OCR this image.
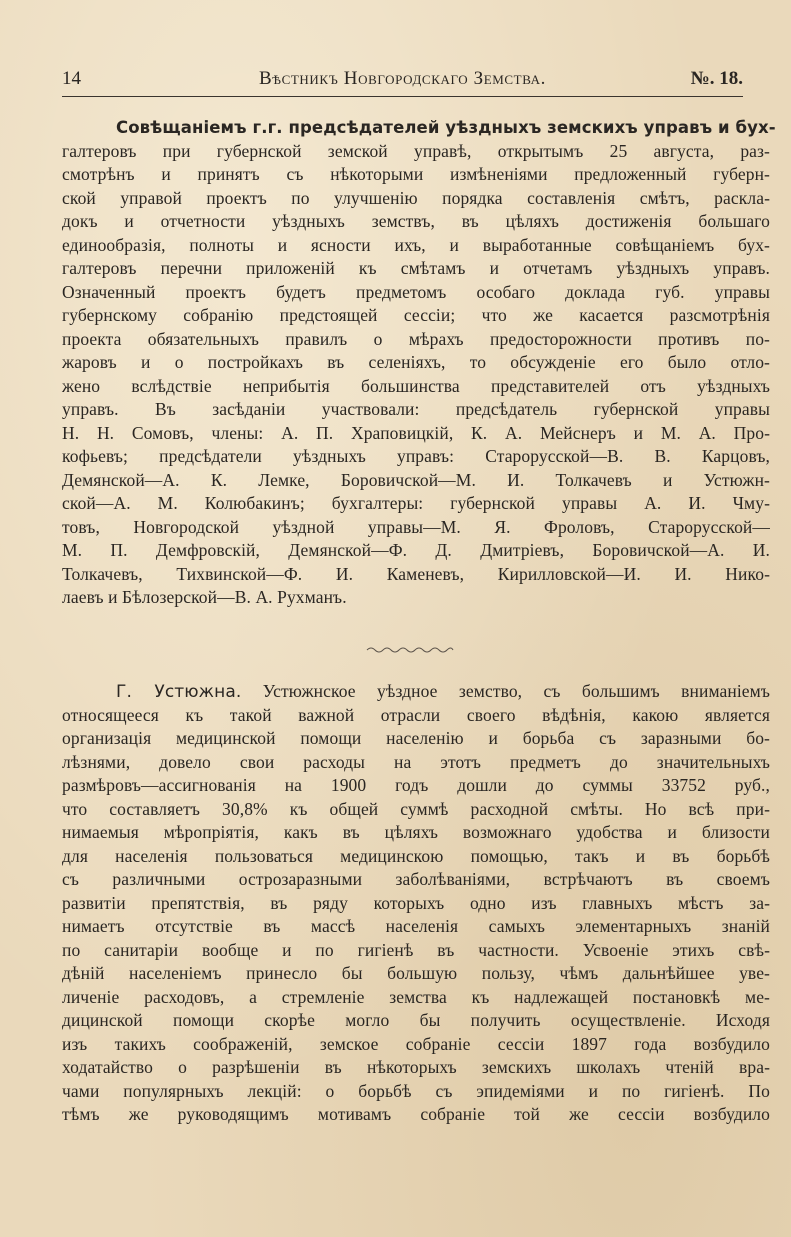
14	Вѣстникъ Новгородскаго Земства.	№. 18.
Совѣщаніемъ г.г. предсѣдателей уѣздныхъ земскихъ управъ и бух-
галтеровъ при губернской земской управѣ, открытымъ 25 августа, раз-
смотрѣнъ и принятъ съ нѣкоторыми измѣненіями предложенный губерн-
ской управой проектъ по улучшенію порядка составленія смѣтъ, раскла-
докъ и отчетности уѣздныхъ земствъ, въ цѣляхъ достиженія большаго
единообразія, полноты и ясности ихъ, и выработанные совѣщаніемъ бух-
галтеровъ перечни приложеній къ смѣтамъ и отчетамъ уѣздныхъ управъ.
Означенный проектъ будетъ предметомъ особаго доклада губ. управы
губернскому собранію предстоящей сессіи; что же касается разсмотрѣнія
проекта обязательныхъ правилъ о мѣрахъ предосторожности противъ по-
жаровъ и о постройкахъ въ селеніяхъ, то обсужденіе его было отло-
жено вслѣдствіе неприбытія большинства представителей отъ уѣздныхъ
управъ. Въ засѣданіи участвовали: предсѣдатель губернской управы
Н. Н. Сомовъ, члены: А. П. Храповицкій, К. А. Мейснеръ и М. А. Про-
кофьевъ; предсѣдатели уѣздныхъ управъ: Старорусской—В. В. Карцовъ,
Демянской—А. К. Лемке, Боровичской—М. И. Толкачевъ и Устюжн-
ской—А. М. Колюбакинъ; бухгалтеры: губернской управы А. И. Чму-
товъ, Новгородской уѣздной управы—М. Я. Фроловъ, Старорусской—
М. П. Демфровскій, Демянской—Ф. Д. Дмитріевъ, Боровичской—А. И.
Толкачевъ, Тихвинской—Ф. И. Каменевъ, Кирилловской—И. И. Нико-
лаевъ и Бѣлозерской—В. А. Рухманъ.
Г. Устюжна. Устюжнское уѣздное земство, съ большимъ вниманіемъ
относящееся къ такой важной отрасли своего вѣдѣнія, какою является
организація медицинской помощи населенію и борьба съ заразными бо-
лѣзнями, довело свои расходы на этотъ предметъ до значительныхъ
размѣровъ—ассигнованія на 1900 годъ дошли до суммы 33752 руб.,
что составляетъ 30,8% къ общей суммѣ расходной смѣты. Но всѣ при-
нимаемыя мѣропріятія, какъ въ цѣляхъ возможнаго удобства и близости
для населенія пользоваться медицинскою помощью, такъ и въ борьбѣ
съ различными острозаразными заболѣваніями, встрѣчаютъ въ своемъ
развитіи препятствія, въ ряду которыхъ одно изъ главныхъ мѣстъ за-
нимаетъ отсутствіе въ массѣ населенія самыхъ элементарныхъ знаній
по санитаріи вообще и по гигіенѣ въ частности. Усвоеніе этихъ свѣ-
дѣній населеніемъ принесло бы большую пользу, чѣмъ дальнѣйшее уве-
личеніе расходовъ, а стремленіе земства къ надлежащей постановкѣ ме-
дицинской помощи скорѣе могло бы получить осуществленіе. Исходя
изъ такихъ соображеній, земское собраніе сессіи 1897 года возбудило
ходатайство о разрѣшеніи въ нѣкоторыхъ земскихъ школахъ чтеній вра-
чами популярныхъ лекцій: о борьбѣ съ эпидеміями и по гигіенѣ. По
тѣмъ же руководящимъ мотивамъ собраніе той же сессіи возбудило
